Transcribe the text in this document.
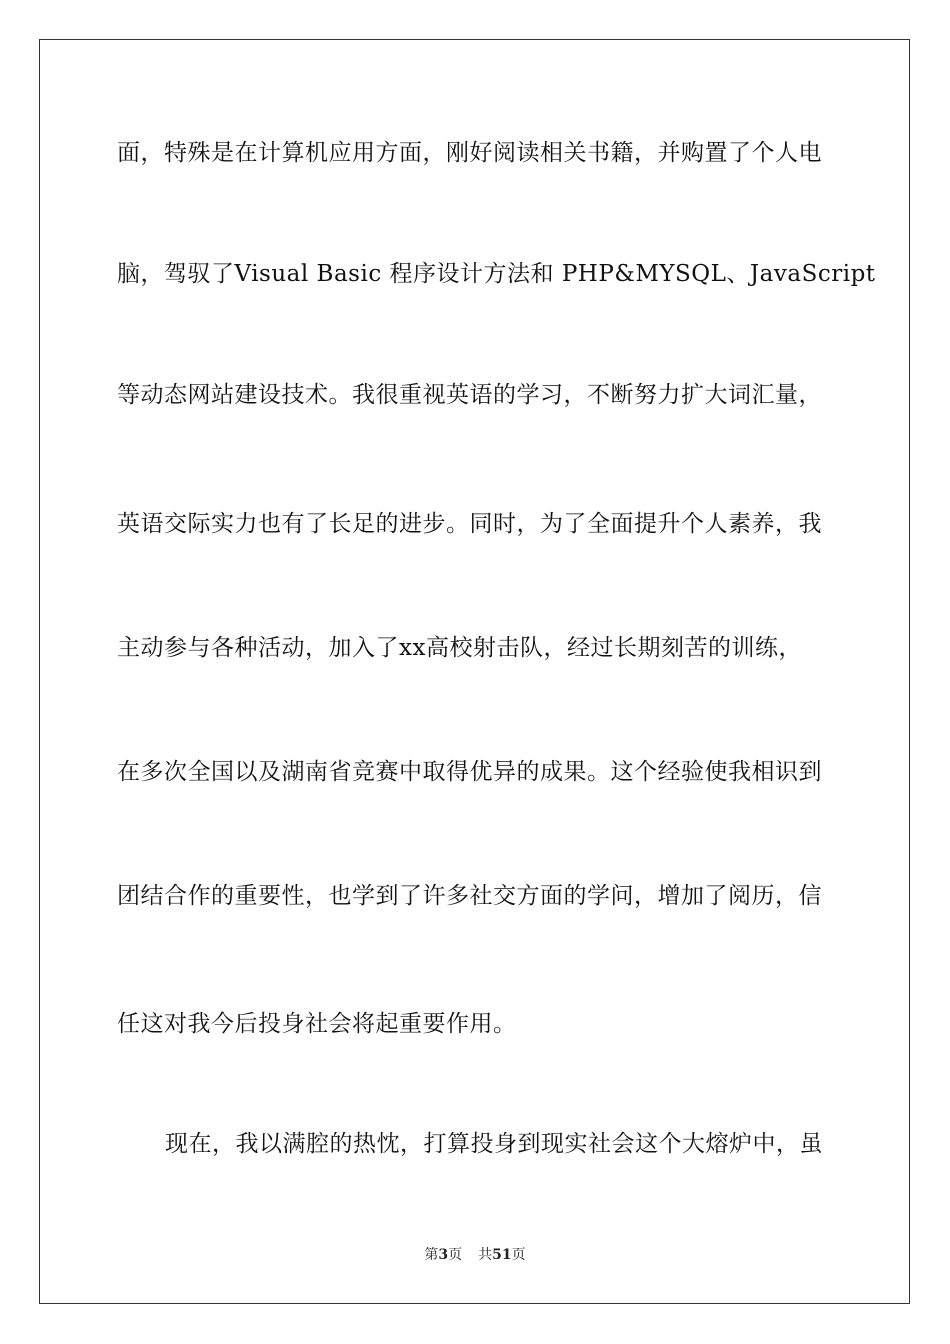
面，特殊是在计算机应用方面，刚好阅读相关书籍，并购置了个人电
脑，驾驭了Visual Basic 程序设计方法和 PHP&MYSQL、JavaScript
等动态网站建设技术。我很重视英语的学习，不断努力扩大词汇量，
英语交际实力也有了长足的进步。同时，为了全面提升个人素养，我
主动参与各种活动，加入了xx高校射击队，经过长期刻苦的训练，
在多次全国以及湖南省竞赛中取得优异的成果。这个经验使我相识到
团结合作的重要性，也学到了许多社交方面的学问，增加了阅历，信
任这对我今后投身社会将起重要作用。
现在，我以满腔的热忱，打算投身到现实社会这个大熔炉中，虽
第3页 共51页
